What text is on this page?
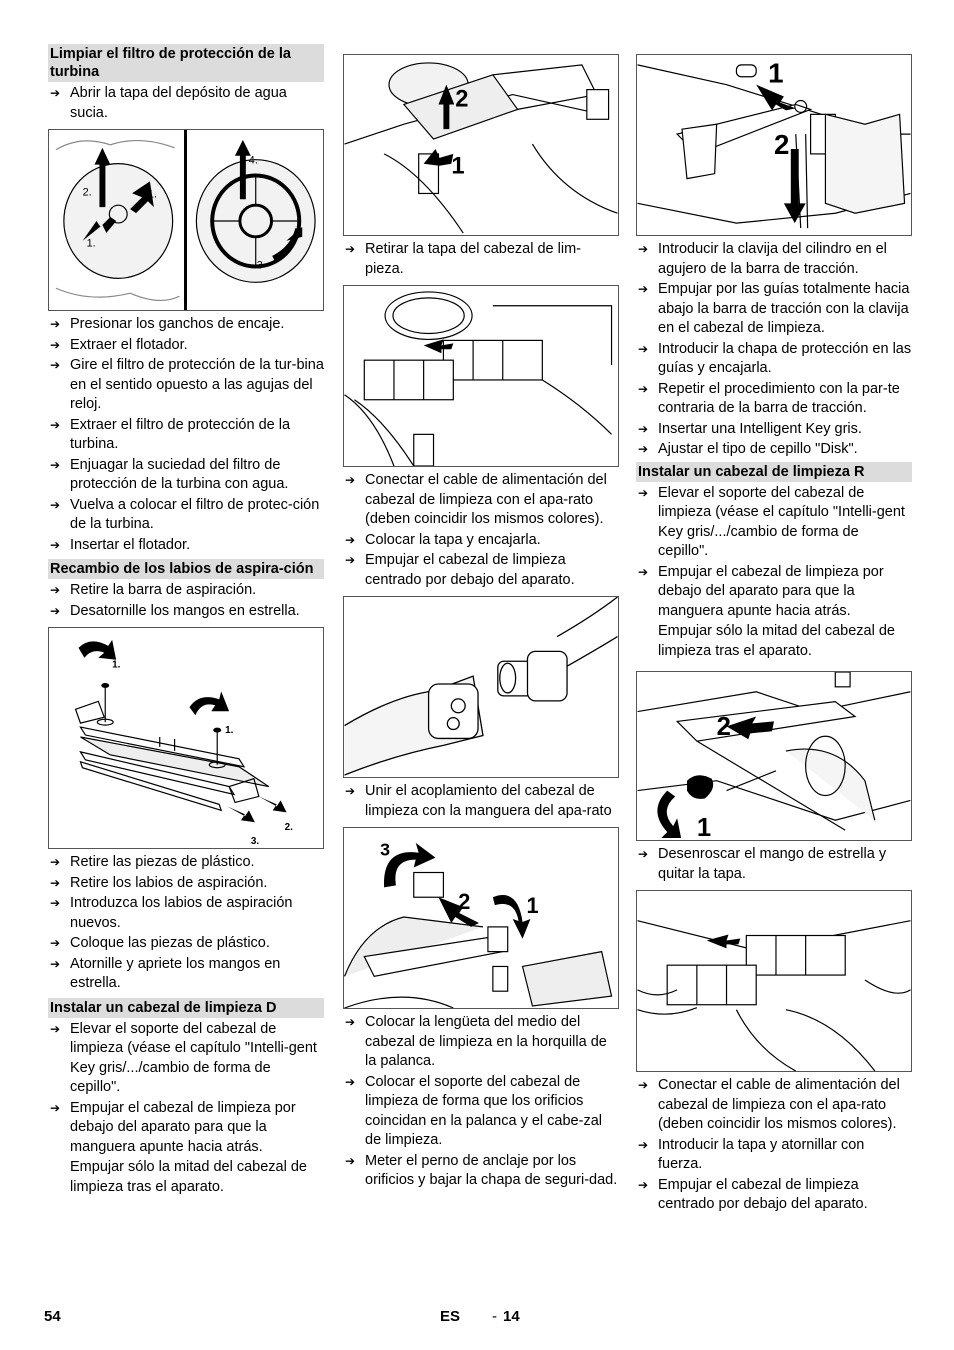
Limpiar el filtro de protección de la turbina
➔ Abrir la tapa del depósito de agua sucia.
2.	1.
1.
4.
3
➔ Presionar los ganchos de encaje.
➔ Extraer el flotador.
➔ Gire el filtro de protección de la tur-bina en el sentido opuesto a las agujas del reloj.
➔ Extraer el filtro de protección de la turbina.
➔ Enjuagar la suciedad del filtro de protección de la turbina con agua.
➔ Vuelva a colocar el filtro de protec-ción de la turbina.
➔ Insertar el flotador.
Recambio de los labios de aspira-ción
➔ Retire la barra de aspiración.
➔ Desatornille los mangos en estrella.
1.
1.
2.
3.
➔ Retire las piezas de plástico.
➔ Retire los labios de aspiración.
➔ Introduzca los labios de aspiración nuevos.
➔ Coloque las piezas de plástico.
➔ Atornille y apriete los mangos en estrella.
Instalar un cabezal de limpieza D
➔ Elevar el soporte del cabezal de limpieza (véase el capítulo "Intelli-gent Key gris/.../cambio de forma de cepillo".
➔ Empujar el cabezal de limpieza por debajo del aparato para que la manguera apunte hacia atrás.
Empujar sólo la mitad del cabezal de limpieza tras el aparato.
2
1
➔ Retirar la tapa del cabezal de lim-pieza.
➔ Conectar el cable de alimentación del cabezal de limpieza con el apa-rato (deben coincidir los mismos colores).
➔ Colocar la tapa y encajarla.
➔ Empujar el cabezal de limpieza centrado por debajo del aparato.
➔ Unir el acoplamiento del cabezal de limpieza con la manguera del apa-rato
3
2	1
➔ Colocar la lengüeta del medio del cabezal de limpieza en la horquilla de la palanca.
➔ Colocar el soporte del cabezal de limpieza de forma que los orificios coincidan en la palanca y el cabe-zal de limpieza.
➔ Meter el perno de anclaje por los orificios y bajar la chapa de seguri-dad.
1
2
➔ Introducir la clavija del cilindro en el agujero de la barra de tracción.
➔ Empujar por las guías totalmente hacia abajo la barra de tracción con la clavija en el cabezal de limpieza.
➔ Introducir la chapa de protección en las guías y encajarla.
➔ Repetir el procedimiento con la par-te contraria de la barra de tracción.
➔ Insertar una Intelligent Key gris.
➔ Ajustar el tipo de cepillo "Disk".
Instalar un cabezal de limpieza R
➔ Elevar el soporte del cabezal de limpieza (véase el capítulo "Intelli-gent Key gris/.../cambio de forma de cepillo".
➔ Empujar el cabezal de limpieza por debajo del aparato para que la manguera apunte hacia atrás.
Empujar sólo la mitad del cabezal de limpieza tras el aparato.
2
1
➔ Desenroscar el mango de estrella y quitar la tapa.
➔ Conectar el cable de alimentación del cabezal de limpieza con el apa-rato (deben coincidir los mismos colores).
➔ Introducir la tapa y atornillar con fuerza.
➔ Empujar el cabezal de limpieza centrado por debajo del aparato.
54	ES - 14
